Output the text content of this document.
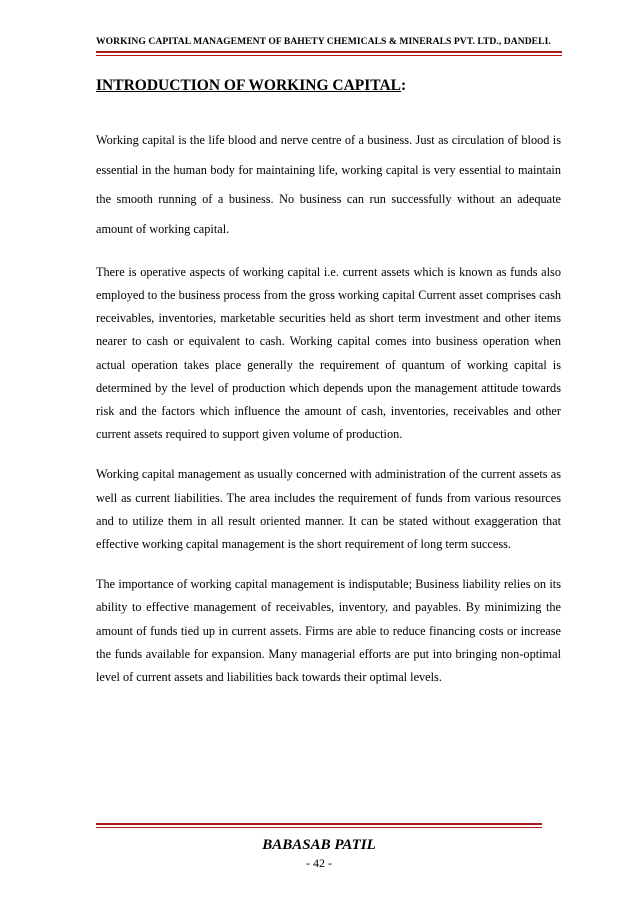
WORKING CAPITAL MANAGEMENT OF BAHETY CHEMICALS & MINERALS PVT. LTD., DANDELI.
INTRODUCTION OF WORKING CAPITAL:

Working capital is the life blood and nerve centre of a business. Just as circulation of blood is essential in the human body for maintaining life, working capital is very essential to maintain the smooth running of a business. No business can run successfully without an adequate amount of working capital.

There is operative aspects of working capital i.e. current assets which is known as funds also employed to the business process from the gross working capital Current asset comprises cash receivables, inventories, marketable securities held as short term investment and other items nearer to cash or equivalent to cash. Working capital comes into business operation when actual operation takes place generally the requirement of quantum of working capital is determined by the level of production which depends upon the management attitude towards risk and the factors which influence the amount of cash, inventories, receivables and other current assets required to support given volume of production.

Working capital management as usually concerned with administration of the current assets as well as current liabilities. The area includes the requirement of funds from various resources and to utilize them in all result oriented manner. It can be stated without exaggeration that effective working capital management is the short requirement of long term success.

The importance of working capital management is indisputable; Business liability relies on its ability to effective management of receivables, inventory, and payables. By minimizing the amount of funds tied up in current assets. Firms are able to reduce financing costs or increase the funds available for expansion. Many managerial efforts are put into bringing non-optimal level of current assets and liabilities back towards their optimal levels.

BABASAB PATIL
- 42 -
